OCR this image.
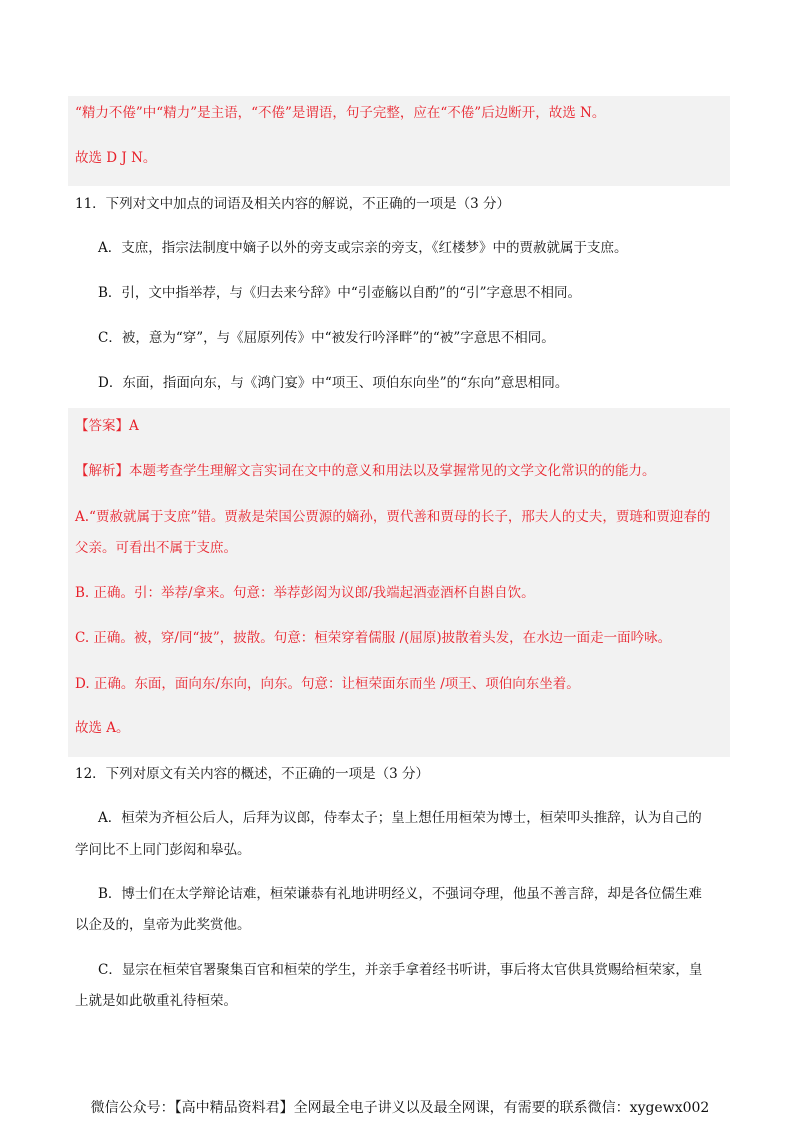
“精力不倦”中“精力”是主语，“不倦”是谓语，句子完整，应在“不倦”后边断开，故选 N。
故选 D J N。
11．下列对文中加点的词语及相关内容的解说，不正确的一项是（3 分）
A．支庶，指宗法制度中嫡子以外的旁支或宗亲的旁支，《红楼梦》中的贾赦就属于支庶。
B．引，文中指举荐，与《归去来兮辞》中“引壶觞以自酌”的“引”字意思不相同。
C．被，意为“穿”，与《屈原列传》中“被发行吟泽畔”的“被”字意思不相同。
D．东面，指面向东，与《鸿门宴》中“项王、项伯东向坐”的“东向”意思相同。
【答案】A
【解析】本题考查学生理解文言实词在文中的意义和用法以及掌握常见的文学文化常识的的能力。
A.“贾赦就属于支庶”错。贾赦是荣国公贾源的嫡孙，贾代善和贾母的长子，邢夫人的丈夫，贾琏和贾迎春的
父亲。可看出不属于支庶。
B. 正确。引：举荐/拿来。句意：举荐彭闳为议郎/我端起酒壶酒杯自斟自饮。
C. 正确。被，穿/同“披”，披散。句意：桓荣穿着儒服 /(屈原)披散着头发，在水边一面走一面吟咏。
D. 正确。东面，面向东/东向，向东。句意：让桓荣面东而坐 /项王、项伯向东坐着。
故选 A。
12．下列对原文有关内容的概述，不正确的一项是（3 分）
A．桓荣为齐桓公后人，后拜为议郎，侍奉太子；皇上想任用桓荣为博士，桓荣叩头推辞，认为自己的
学问比不上同门彭闳和皋弘。
B．博士们在太学辩论诘难，桓荣谦恭有礼地讲明经义，不强词夺理，他虽不善言辞，却是各位儒生难
以企及的，皇帝为此奖赏他。
C．显宗在桓荣官署聚集百官和桓荣的学生，并亲手拿着经书听讲，事后将太官供具赏赐给桓荣家，皇
上就是如此敬重礼待桓荣。
微信公众号：【高中精品资料君】全网最全电子讲义以及最全网课，有需要的联系微信：xygewx002
